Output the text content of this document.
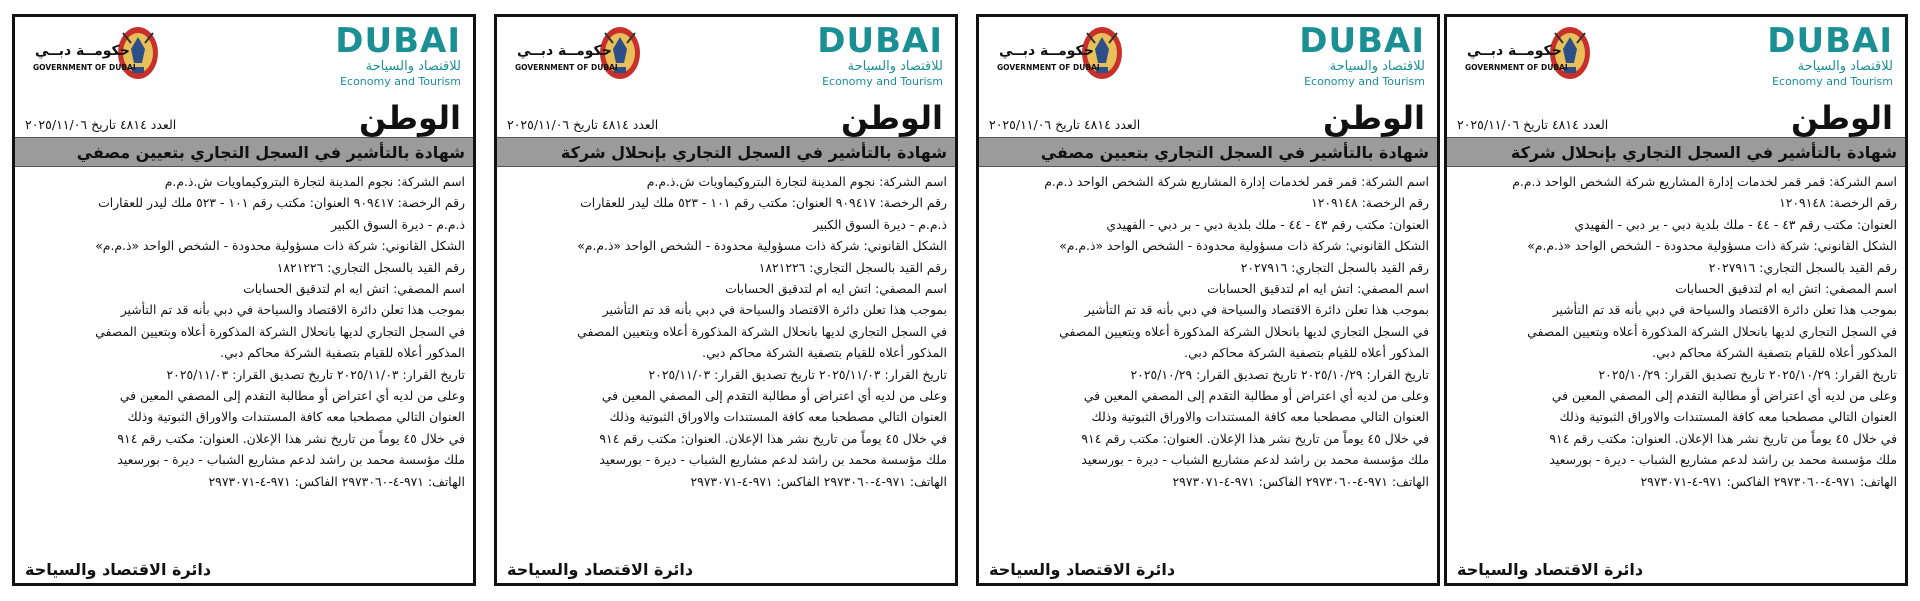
DUBAI
للاقتصاد والسياحة
Economy and Tourism
حكومــة دبــي
GOVERNMENT OF DUBAI
الوطن
العدد ٤٨١٤ تاريخ ٢٠٢٥/١١/٠٦
شهادة بالتأشير في السجل التجاري بتعيين مصفي
اسم الشركة: نجوم المدينة لتجارة البتروكيماويات ش.ذ.م.م
رقم الرخصة: ٩٠٩٤١٧ العنوان: مكتب رقم ١٠١ - ٥٢٣ ملك ليدر للعقارات
ذ.م.م - ديرة السوق الكبير
الشكل القانوني: شركة ذات مسؤولية محدودة - الشخص الواحد «ذ.م.م»
رقم القيد بالسجل التجاري: ١٨٢١٢٢٦
اسم المصفي: اتش ايه ام لتدقيق الحسابات
بموجب هذا تعلن دائرة الاقتصاد والسياحة في دبي بأنه قد تم التأشير
في السجل التجاري لديها بانحلال الشركة المذكورة أعلاه وبتعيين المصفي
المذكور أعلاه للقيام بتصفية الشركة محاكم دبي.
تاريخ القرار: ٢٠٢٥/١١/٠٣ تاريخ تصديق القرار: ٢٠٢٥/١١/٠٣
وعلى من لديه أي اعتراض أو مطالبة التقدم إلى المصفي المعين في
العنوان التالي مصطحبا معه كافة المستندات والاوراق الثبوتية وذلك
في خلال ٤٥ يوماً من تاريخ نشر هذا الإعلان. العنوان: مكتب رقم ٩١٤
ملك مؤسسة محمد بن راشد لدعم مشاريع الشباب - ديرة - بورسعيد
الهاتف: ٩٧١-٤-٢٩٧٣٠٦٠ الفاكس: ٩٧١-٤-٢٩٧٣٠٧١
دائرة الاقتصاد والسياحة
DUBAI
للاقتصاد والسياحة
Economy and Tourism
حكومــة دبــي
GOVERNMENT OF DUBAI
الوطن
العدد ٤٨١٤ تاريخ ٢٠٢٥/١١/٠٦
شهادة بالتأشير في السجل التجاري بإنحلال شركة
اسم الشركة: نجوم المدينة لتجارة البتروكيماويات ش.ذ.م.م
رقم الرخصة: ٩٠٩٤١٧ العنوان: مكتب رقم ١٠١ - ٥٢٣ ملك ليدر للعقارات
ذ.م.م - ديرة السوق الكبير
الشكل القانوني: شركة ذات مسؤولية محدودة - الشخص الواحد «ذ.م.م»
رقم القيد بالسجل التجاري: ١٨٢١٢٢٦
اسم المصفي: اتش ايه ام لتدقيق الحسابات
بموجب هذا تعلن دائرة الاقتصاد والسياحة في دبي بأنه قد تم التأشير
في السجل التجاري لديها بانحلال الشركة المذكورة أعلاه وبتعيين المصفي
المذكور أعلاه للقيام بتصفية الشركة محاكم دبي.
تاريخ القرار: ٢٠٢٥/١١/٠٣ تاريخ تصديق القرار: ٢٠٢٥/١١/٠٣
وعلى من لديه أي اعتراض أو مطالبة التقدم إلى المصفي المعين في
العنوان التالي مصطحبا معه كافة المستندات والاوراق الثبوتية وذلك
في خلال ٤٥ يوماً من تاريخ نشر هذا الإعلان. العنوان: مكتب رقم ٩١٤
ملك مؤسسة محمد بن راشد لدعم مشاريع الشباب - ديرة - بورسعيد
الهاتف: ٩٧١-٤-٢٩٧٣٠٦٠ الفاكس: ٩٧١-٤-٢٩٧٣٠٧١
دائرة الاقتصاد والسياحة
DUBAI
للاقتصاد والسياحة
Economy and Tourism
حكومــة دبــي
GOVERNMENT OF DUBAI
الوطن
العدد ٤٨١٤ تاريخ ٢٠٢٥/١١/٠٦
شهادة بالتأشير في السجل التجاري بتعيين مصفي
اسم الشركة: قمر قمر لخدمات إدارة المشاريع شركة الشخص الواحد ذ.م.م
رقم الرخصة: ١٢٠٩١٤٨
العنوان: مكتب رقم ٤٣ - ٤٤ - ملك بلدية دبي - بر دبي - الفهيدي
الشكل القانوني: شركة ذات مسؤولية محدودة - الشخص الواحد «ذ.م.م»
رقم القيد بالسجل التجاري: ٢٠٢٧٩١٦
اسم المصفي: اتش ايه ام لتدقيق الحسابات
بموجب هذا تعلن دائرة الاقتصاد والسياحة في دبي بأنه قد تم التأشير
في السجل التجاري لديها بانحلال الشركة المذكورة أعلاه وبتعيين المصفي
المذكور أعلاه للقيام بتصفية الشركة محاكم دبي.
تاريخ القرار: ٢٠٢٥/١٠/٢٩ تاريخ تصديق القرار: ٢٠٢٥/١٠/٢٩
وعلى من لديه أي اعتراض أو مطالبة التقدم إلى المصفي المعين في
العنوان التالي مصطحبا معه كافة المستندات والاوراق الثبوتية وذلك
في خلال ٤٥ يوماً من تاريخ نشر هذا الإعلان. العنوان: مكتب رقم ٩١٤
ملك مؤسسة محمد بن راشد لدعم مشاريع الشباب - ديرة - بورسعيد
الهاتف: ٩٧١-٤-٢٩٧٣٠٦٠ الفاكس: ٩٧١-٤-٢٩٧٣٠٧١
دائرة الاقتصاد والسياحة
DUBAI
للاقتصاد والسياحة
Economy and Tourism
حكومــة دبــي
GOVERNMENT OF DUBAI
الوطن
العدد ٤٨١٤ تاريخ ٢٠٢٥/١١/٠٦
شهادة بالتأشير في السجل التجاري بإنحلال شركة
اسم الشركة: قمر قمر لخدمات إدارة المشاريع شركة الشخص الواحد ذ.م.م
رقم الرخصة: ١٢٠٩١٤٨
العنوان: مكتب رقم ٤٣ - ٤٤ - ملك بلدية دبي - بر دبي - الفهيدي
الشكل القانوني: شركة ذات مسؤولية محدودة - الشخص الواحد «ذ.م.م»
رقم القيد بالسجل التجاري: ٢٠٢٧٩١٦
اسم المصفي: اتش ايه ام لتدقيق الحسابات
بموجب هذا تعلن دائرة الاقتصاد والسياحة في دبي بأنه قد تم التأشير
في السجل التجاري لديها بانحلال الشركة المذكورة أعلاه وبتعيين المصفي
المذكور أعلاه للقيام بتصفية الشركة محاكم دبي.
تاريخ القرار: ٢٠٢٥/١٠/٢٩ تاريخ تصديق القرار: ٢٠٢٥/١٠/٢٩
وعلى من لديه أي اعتراض أو مطالبة التقدم إلى المصفي المعين في
العنوان التالي مصطحبا معه كافة المستندات والاوراق الثبوتية وذلك
في خلال ٤٥ يوماً من تاريخ نشر هذا الإعلان. العنوان: مكتب رقم ٩١٤
ملك مؤسسة محمد بن راشد لدعم مشاريع الشباب - ديرة - بورسعيد
الهاتف: ٩٧١-٤-٢٩٧٣٠٦٠ الفاكس: ٩٧١-٤-٢٩٧٣٠٧١
دائرة الاقتصاد والسياحة
